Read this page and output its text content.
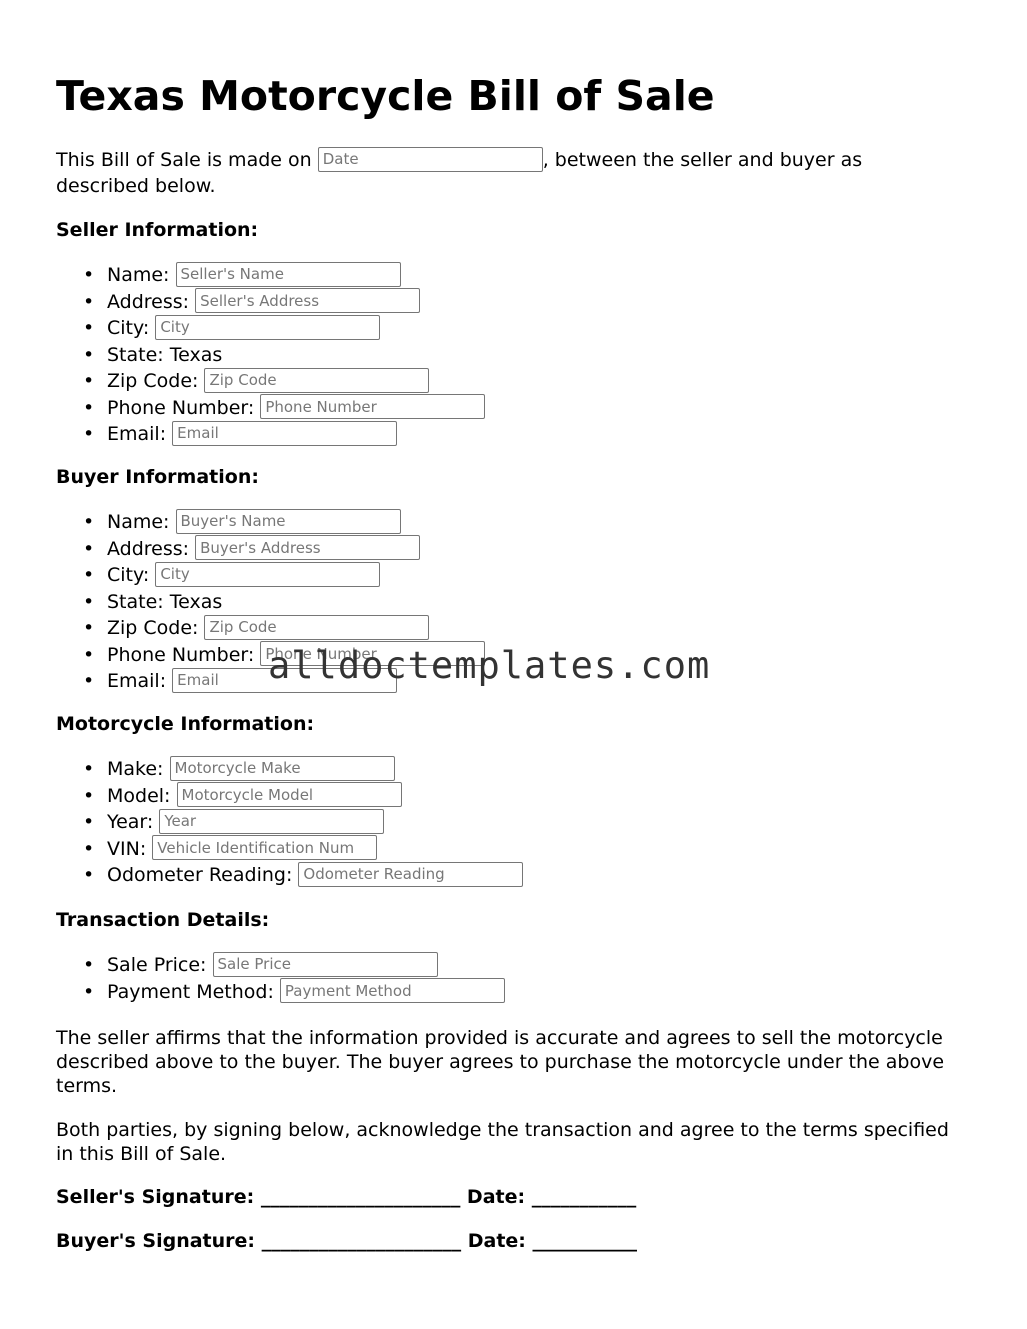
Texas Motorcycle Bill of Sale

This Bill of Sale is made on Date	, between the seller and buyer as described below.

Seller Information:
• Name: Seller's Name
• Address: Seller's Address
• City: City
• State: Texas
• Zip Code: Zip Code
• Phone Number: Phone Number
• Email: Email
Buyer Information:
• Name: Buyer's Name
• Address: Buyer's Address
• City: City
• State: Texas
• Zip Code: Zip Code
• Phone Number: Phone Number
• Email: Email
Motorcycle Information:
• Make: Motorcycle Make
• Model: Motorcycle Model
• Year: Year
• VIN: Vehicle Identification Num
• Odometer Reading: Odometer Reading
Transaction Details:
• Sale Price: Sale Price
• Payment Method: Payment Method

The seller affirms that the information provided is accurate and agrees to sell the motorcycle described above to the buyer. The buyer agrees to purchase the motorcycle under the above terms.

Both parties, by signing below, acknowledge the transaction and agree to the terms specified in this Bill of Sale.

Seller's Signature: _____________________ Date: ___________

Buyer's Signature: _____________________ Date: ___________

alldoctemplates.com
